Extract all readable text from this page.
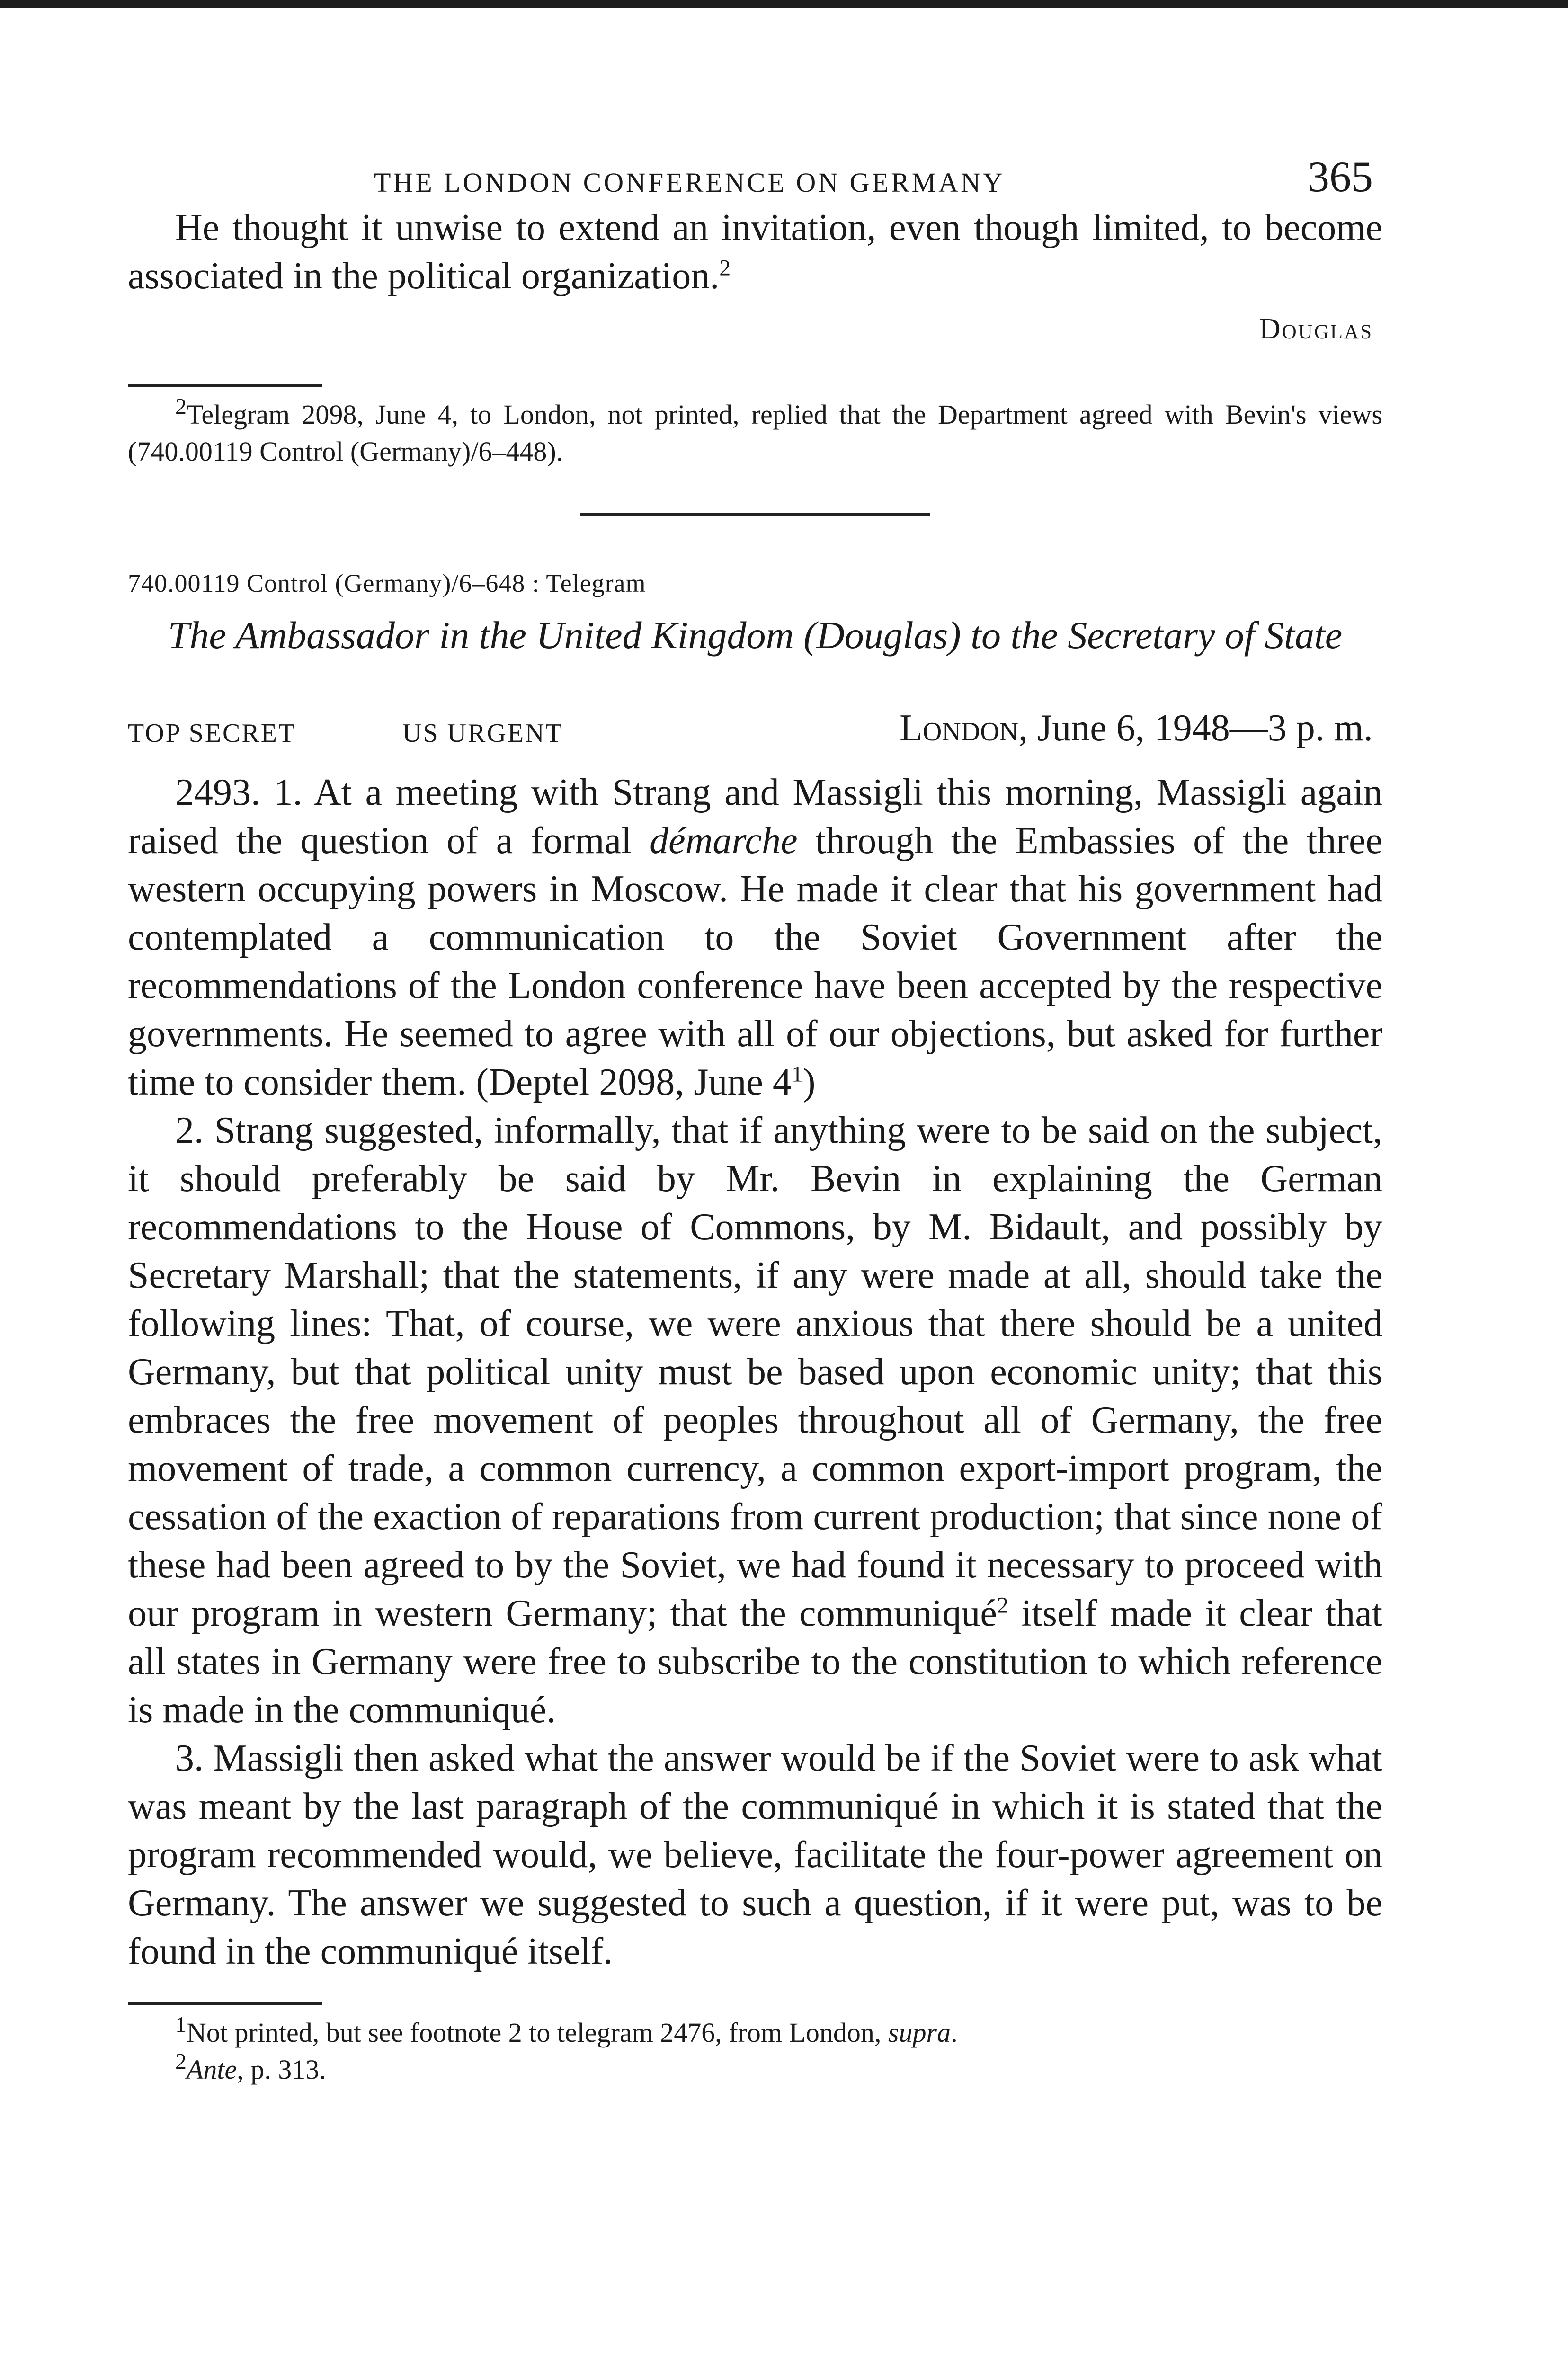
THE LONDON CONFERENCE ON GERMANY	365

He thought it unwise to extend an invitation, even though limited, to become associated in the political organization.$^2$

Douglas

$^2$Telegram 2098, June 4, to London, not printed, replied that the Department agreed with Bevin's views (740.00119 Control (Germany)/6–448).

740.00119 Control (Germany)/6–648 : Telegram
The Ambassador in the United Kingdom (Douglas) to the Secretary of State
TOP SECRET	US URGENT	London, June 6, 1948—3 p. m.

2493. 1. At a meeting with Strang and Massigli this morning, Massigli again raised the question of a formal démarche through the Embassies of the three western occupying powers in Moscow. He made it clear that his government had contemplated a communication to the Soviet Government after the recommendations of the London conference have been accepted by the respective governments. He seemed to agree with all of our objections, but asked for further time to consider them. (Deptel 2098, June $4^1$)

2. Strang suggested, informally, that if anything were to be said on the subject, it should preferably be said by Mr. Bevin in explaining the German recommendations to the House of Commons, by M. Bidault, and possibly by Secretary Marshall; that the statements, if any were made at all, should take the following lines: That, of course, we were anxious that there should be a united Germany, but that political unity must be based upon economic unity; that this embraces the free movement of peoples throughout all of Germany, the free movement of trade, a common currency, a common export-import program, the cessation of the exaction of reparations from current production; that since none of these had been agreed to by the Soviet, we had found it necessary to proceed with our program in western Germany; that the communiqué$^2$ itself made it clear that all states in Germany were free to subscribe to the constitution to which reference is made in the communiqué.

3. Massigli then asked what the answer would be if the Soviet were to ask what was meant by the last paragraph of the communiqué in which it is stated that the program recommended would, we believe, facilitate the four-power agreement on Germany. The answer we suggested to such a question, if it were put, was to be found in the communiqué itself.

$^1$Not printed, but see footnote 2 to telegram 2476, from London, supra.

$^2$Ante, p. 313.
